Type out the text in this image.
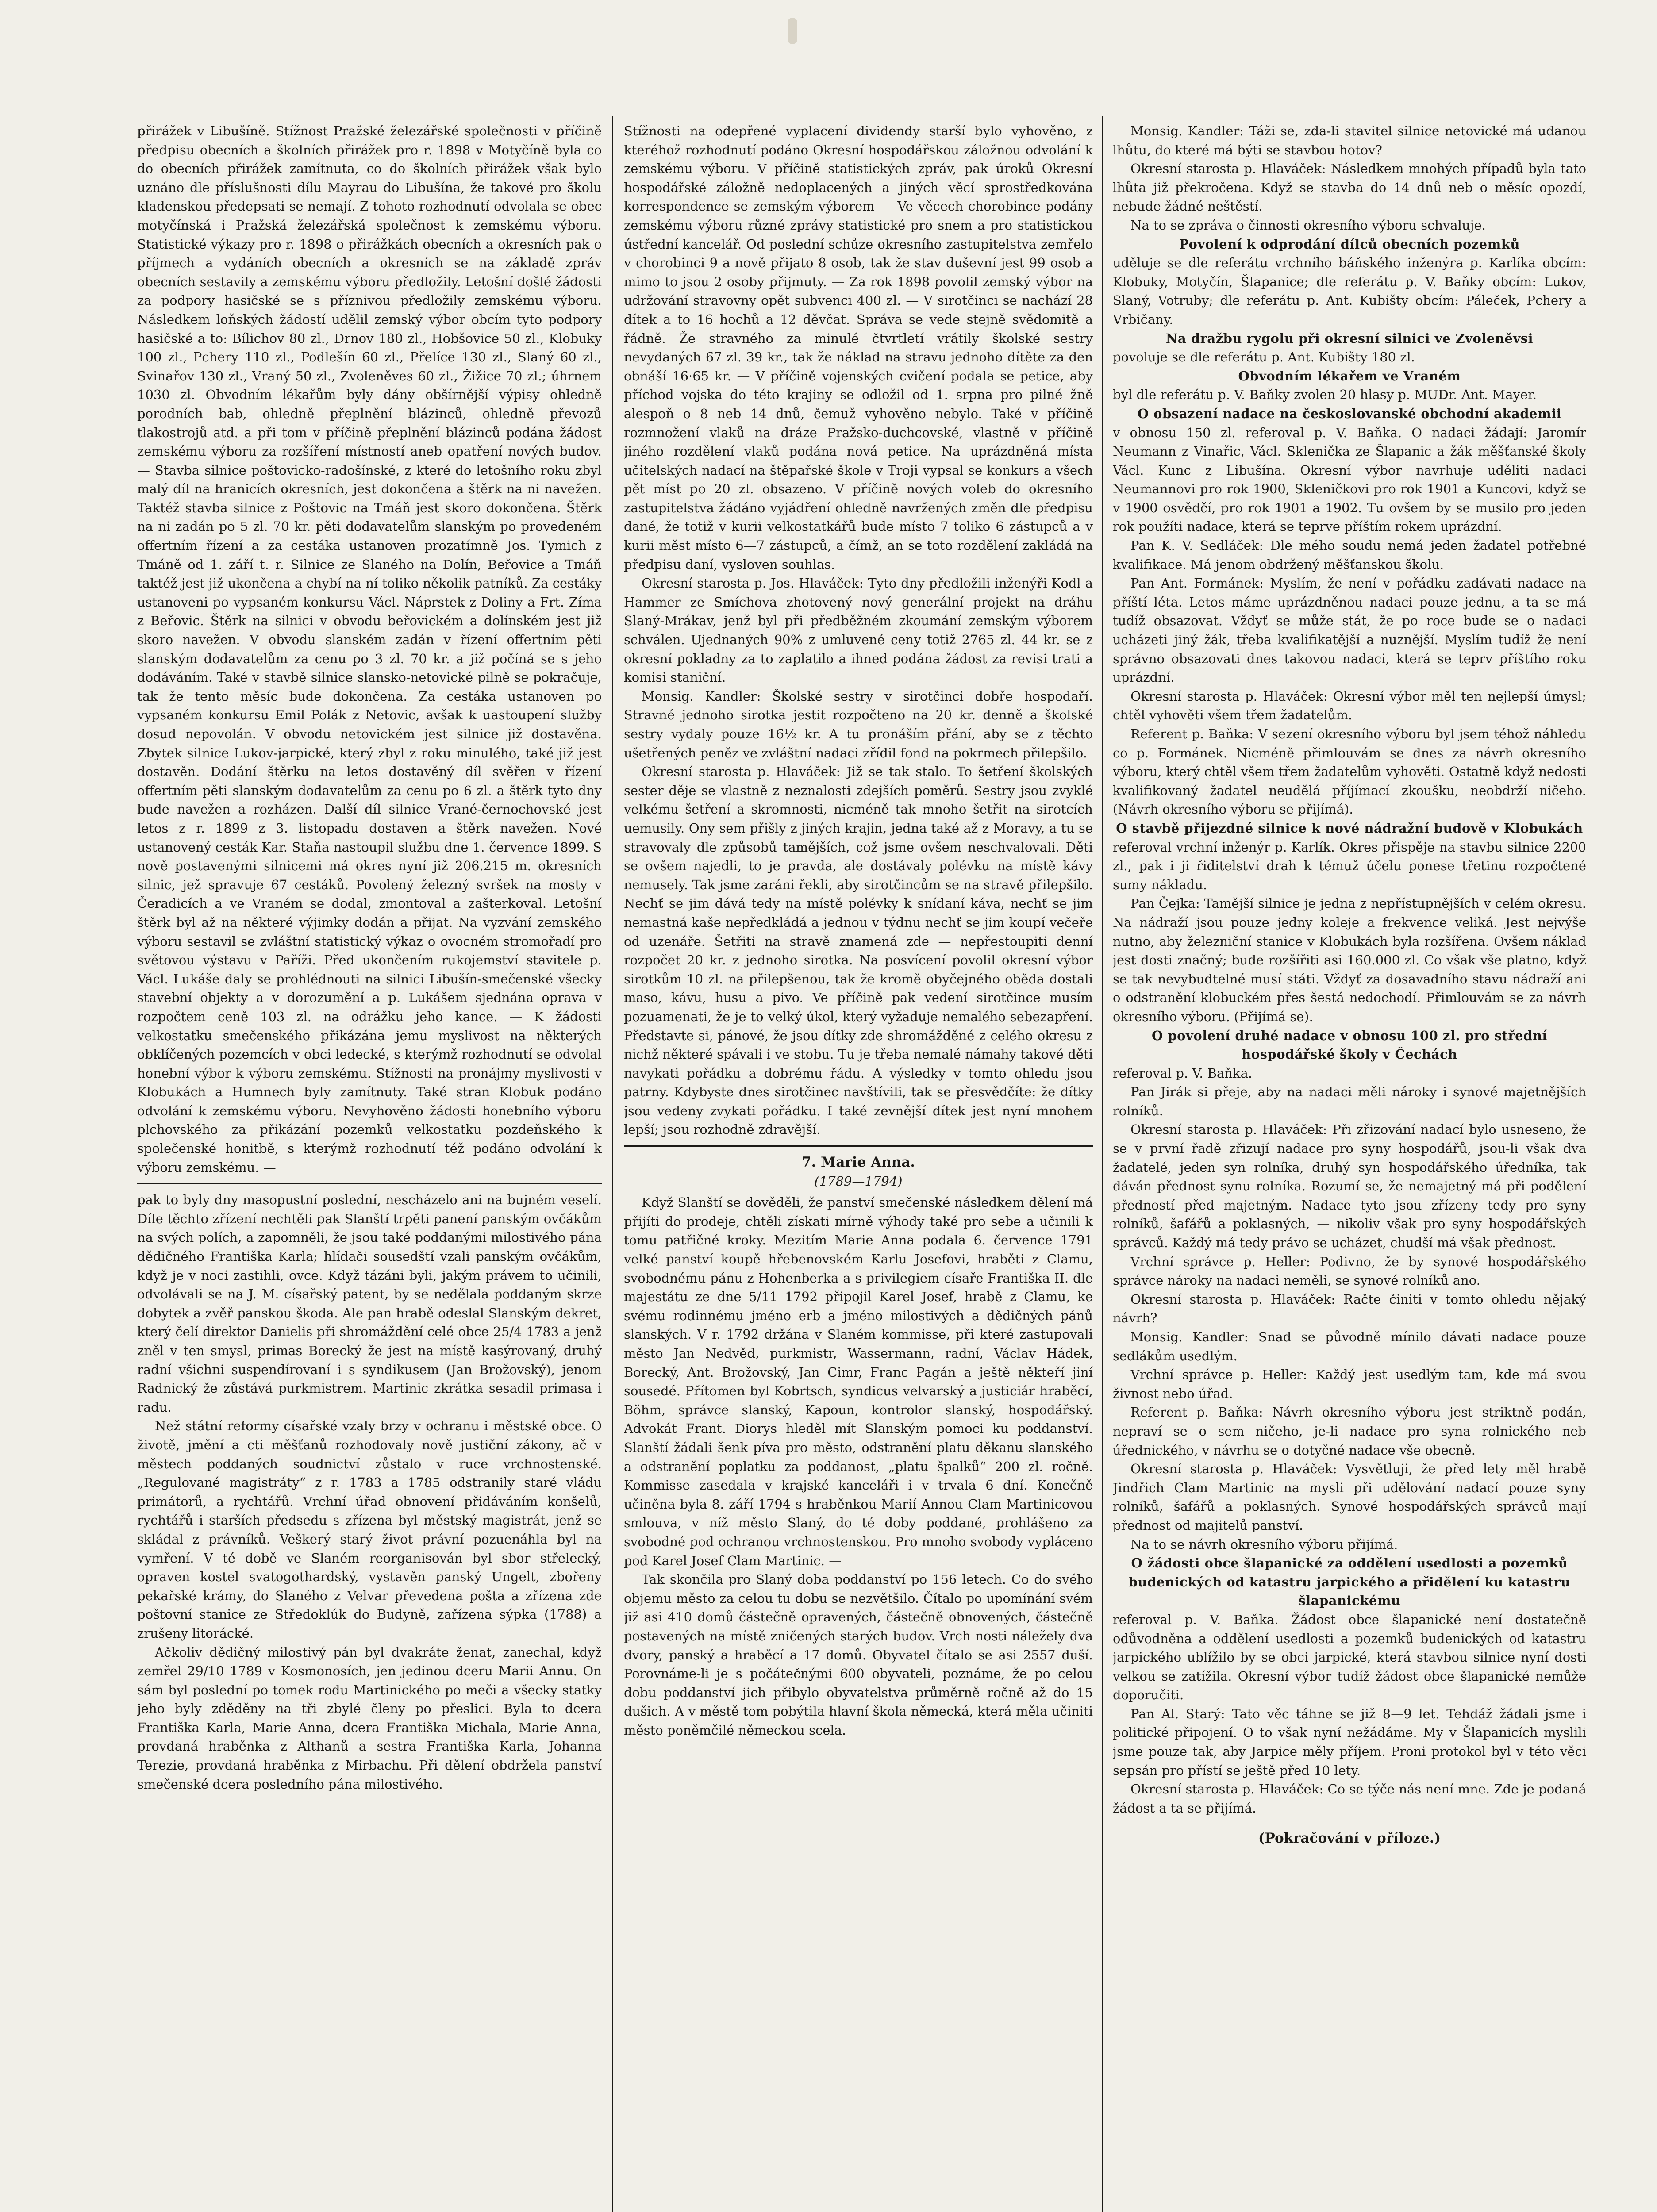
přirážek v Libušíně. Stížnost Pražské železářské společnosti v příčině předpisu obecních a školních přirážek pro r. 1898 v Motyčíně byla co do obecních přirážek zamítnuta, co do školních přirážek však bylo uznáno dle příslušnosti dílu Mayrau do Libušína, že takové pro školu kladenskou předepsati se nemají. Z tohoto rozhodnutí odvolala se obec motyčínská i Pražská železářská společnost k zemskému výboru. Statistické výkazy pro r. 1898 o přirážkách obecních a okresních pak o příjmech a vydáních obecních a okresních se na základě zpráv obecních sestavily a zemskému výboru předložily. Letošní došlé žádosti za podpory hasičské se s příznivou předložily zemskému výboru. Následkem loňských žádostí udělil zemský výbor obcím tyto podpory hasičské a to: Bílichov 80 zl., Drnov 180 zl., Hobšovice 50 zl., Klobuky 100 zl., Pchery 110 zl., Podlešín 60 zl., Přelíce 130 zl., Slaný 60 zl., Svinařov 130 zl., Vraný 50 zl., Zvoleněves 60 zl., Žižice 70 zl.; úhrnem 1030 zl. Obvodním lékařům byly dány obšírnější výpisy ohledně porodních bab, ohledně přeplnění blázinců, ohledně převozů tlakostrojů atd. a při tom v příčině přeplnění blázinců podána žádost zemskému výboru za rozšíření místností aneb opatření nových budov. — Stavba silnice poštovicko-radošínské, z které do letošního roku zbyl malý díl na hranicích okresních, jest dokončena a štěrk na ni navežen. Taktéž stavba silnice z Poštovic na Tmáň jest skoro dokončena. Štěrk na ni zadán po 5 zl. 70 kr. pěti dodavatelům slanským po provedeném offertním řízení a za cestáka ustanoven prozatímně Jos. Tymich z Tmáně od 1. září t. r. Silnice ze Slaného na Dolín, Beřovice a Tmáň taktéž jest již ukončena a chybí na ní toliko několik patníků. Za cestáky ustanoveni po vypsaném konkursu Václ. Náprstek z Doliny a Frt. Zíma z Beřovic. Štěrk na silnici v obvodu beřovickém a dolínském jest již skoro navežen. V obvodu slanském zadán v řízení offertním pěti slanským dodavatelům za cenu po 3 zl. 70 kr. a již počíná se s jeho dodáváním. Také v stavbě silnice slansko-netovické pilně se pokračuje, tak že tento měsíc bude dokončena. Za cestáka ustanoven po vypsaném konkursu Emil Polák z Netovic, avšak k uastoupení služby dosud nepovolán. V obvodu netovickém jest silnice již dostavěna. Zbytek silnice Lukov-jarpické, který zbyl z roku minulého, také již jest dostavěn. Dodání štěrku na letos dostavěný díl svěřen v řízení offertním pěti slanským dodavatelům za cenu po 6 zl. a štěrk tyto dny bude navežen a rozházen. Další díl silnice Vrané-černochovské jest letos z r. 1899 z 3. listopadu dostaven a štěrk navežen. Nové ustanovený cesták Kar. Staňa nastoupil službu dne 1. července 1899. S nově postavenými silnicemi má okres nyní již 206.215 m. okresních silnic, jež spravuje 67 cestáků. Povolený železný svršek na mosty v Čeradicích a ve Vraném se dodal, zmontoval a zašterkoval. Letošní štěrk byl až na některé výjimky dodán a přijat. Na vyzvání zemského výboru sestavil se zvláštní statistický výkaz o ovocném stromořadí pro světovou výstavu v Paříži. Před ukončením rukojemství stavitele p. Václ. Lukáše daly se prohlédnouti na silnici Libušín-smečenské všecky stavební objekty a v dorozumění a p. Lukášem sjednána oprava v rozpočtem ceně 103 zl. na odrážku jeho kance. — K žádosti velkostatku smečenského přikázána jemu myslivost na některých obklíčených pozemcích v obci ledecké, s kterýmž rozhodnutí se odvolal honební výbor k výboru zemskému. Stížnosti na pronájmy myslivosti v Klobukách a Humnech byly zamítnuty. Také stran Klobuk podáno odvolání k zemskému výboru. Nevyhověno žádosti honebního výboru plchovského za přikázání pozemků velkostatku pozdeňského k společenské honitbě, s kterýmž rozhodnutí též podáno odvolání k výboru zemskému. —

pak to byly dny masopustní poslední, nescházelo ani na bujném veselí. Díle těchto zřízení nechtěli pak Slanští trpěti panení panským ovčákům na svých polích, a zapomněli, že jsou také poddanými milostivého pána dědičného Františka Karla; hlídači sousedští vzali panským ovčákům, když je v noci zastihli, ovce. Když tázáni byli, jakým právem to učinili, odvolávali se na J. M. císařský patent, by se nedělala poddaným skrze dobytek a zvěř panskou škoda. Ale pan hrabě odeslal Slanským dekret, který čelí direktor Danielis při shromáždění celé obce 25/4 1783 a jenž zněl v ten smysl, primas Borecký že jest na místě kasýrovaný, druhý radní všichni suspendírovaní i s syndikusem (Jan Brožovský), jenom Radnický že zůstává purkmistrem. Martinic zkrátka sesadil primasa i radu.

Než státní reformy císařské vzaly brzy v ochranu i městské obce. O životě, jmění a cti měšťanů rozhodovaly nově justiční zákony, ač v městech poddaných soudnictví zůstalo v ruce vrchnostenské. „Regulované magistráty“ z r. 1783 a 1785 odstranily staré vládu primátorů, a rychtářů. Vrchní úřad obnovení přidáváním konšelů, rychtářů i starších předsedu s zřízena byl městský magistrát, jenž se skládal z právníků. Veškerý starý život právní pozuenáhla byl na vymření. V té době ve Slaném reorganisován byl sbor střelecký, opraven kostel svatogothardský, vystavěn panský Ungelt, zbořeny pekařské krámy, do Slaného z Velvar převedena pošta a zřízena zde poštovní stanice ze Středoklúk do Budyně, zařízena sýpka (1788) a zrušeny litorácké.

Ačkoliv dědičný milostivý pán byl dvakráte ženat, zanechal, když zemřel 29/10 1789 v Kosmonosích, jen jedinou dceru Marii Annu. On sám byl poslední po tomek rodu Martinického po meči a všecky statky jeho byly zděděny na tři zbylé členy po přeslici. Byla to dcera Františka Karla, Marie Anna, dcera Františka Michala, Marie Anna, provdaná hraběnka z Althanů a sestra Františka Karla, Johanna Terezie, provdaná hraběnka z Mirbachu. Při dělení obdržela panství smečenské dcera posledního pána milostivého.

Stížnosti na odepřené vyplacení dividendy starší bylo vyhověno, z kteréhož rozhodnutí podáno Okresní hospodářskou záložnou odvolání k zemskému výboru. V příčině statistických zpráv, pak úroků Okresní hospodářské záložně nedoplacených a jiných věcí sprostředkována korrespondence se zemským výborem — Ve věcech chorobince podány zemskému výboru různé zprávy statistické pro snem a pro statistickou ústřední kancelář. Od poslední schůze okresního zastupitelstva zemřelo v chorobinci 9 a nově přijato 8 osob, tak že stav duševní jest 99 osob a mimo to jsou 2 osoby přijmuty. — Za rok 1898 povolil zemský výbor na udržování stravovny opět subvenci 400 zl. — V sirotčinci se nachází 28 dítek a to 16 hochů a 12 děvčat. Správa se vede stejně svědomitě a řádně. Že stravného za minulé čtvrtletí vrátily školské sestry nevydaných 67 zl. 39 kr., tak že náklad na stravu jednoho dítěte za den obnáší 16·65 kr. — V příčině vojenských cvičení podala se petice, aby příchod vojska do této krajiny se odložil od 1. srpna pro pilné žně alespoň o 8 neb 14 dnů, čemuž vyhověno nebylo. Také v příčině rozmnožení vlaků na dráze Pražsko-duchcovské, vlastně v příčině jiného rozdělení vlaků podána nová petice. Na uprázdněná místa učitelských nadací na štěpařské škole v Troji vypsal se konkurs a všech pět míst po 20 zl. obsazeno. V příčině nových voleb do okresního zastupitelstva žádáno vyjádření ohledně navržených změn dle předpisu dané, že totiž v kurii velkostatkářů bude místo 7 toliko 6 zástupců a v kurii měst místo 6—7 zástupců, a čímž, an se toto rozdělení zakládá na předpisu daní, vysloven souhlas.

Okresní starosta p. Jos. Hlaváček: Tyto dny předložili inženýři Kodl a Hammer ze Smíchova zhotovený nový generální projekt na dráhu Slaný-Mrákav, jenž byl při předběžném zkoumání zemským výborem schválen. Ujednaných 90% z umluvené ceny totiž 2765 zl. 44 kr. se z okresní pokladny za to zaplatilo a ihned podána žádost za revisi trati a komisi staniční.

Monsig. Kandler: Školské sestry v sirotčinci dobře hospodaří. Stravné jednoho sirotka jestit rozpočteno na 20 kr. denně a školské sestry vydaly pouze 16½ kr. A tu pronáším přání, aby se z těchto ušetřených peněz ve zvláštní nadaci zřídil fond na pokrmech přilepšilo.

Okresní starosta p. Hlaváček: Již se tak stalo. To šetření školských sester děje se vlastně z neznalosti zdejších poměrů. Sestry jsou zvyklé velkému šetření a skromnosti, nicméně tak mnoho šetřit na sirotcích uemusily. Ony sem přišly z jiných krajin, jedna také až z Moravy, a tu se stravovaly dle způsobů tamějších, což jsme ovšem neschvalovali. Děti se ovšem najedli, to je pravda, ale dostávaly polévku na místě kávy nemusely. Tak jsme zaráni řekli, aby sirotčincům se na stravě přilepšilo. Nechť se jim dává tedy na místě polévky k snídaní káva, nechť se jim nemastná kaše nepředkládá a jednou v týdnu nechť se jim koupí večeře od uzenáře. Šetřiti na stravě znamená zde — nepřestoupiti denní rozpočet 20 kr. z jednoho sirotka. Na posvícení povolil okresní výbor sirotkům 10 zl. na přilepšenou, tak že kromě obyčejného oběda dostali maso, kávu, husu a pivo. Ve příčině pak vedení sirotčince musím pozuamenati, že je to velký úkol, který vyžaduje nemalého sebezapření. Představte si, pánové, že jsou dítky zde shromážděné z celého okresu z nichž některé spávali i ve stobu. Tu je třeba nemalé námahy takové děti navykati pořádku a dobrému řádu. A výsledky v tomto ohledu jsou patrny. Kdybyste dnes sirotčinec navštívili, tak se přesvědčíte: že dítky jsou vedeny zvykati pořádku. I také zevnější dítek jest nyní mnohem lepší; jsou rozhodně zdravější.

7. Marie Anna.
(1789—1794)

Když Slanští se dověděli, že panství smečenské následkem dělení má přijíti do prodeje, chtěli získati mírně výhody také pro sebe a učinili k tomu patřičné kroky. Mezitím Marie Anna podala 6. července 1791 velké panství koupě hřebenovském Karlu Josefovi, hraběti z Clamu, svobodnému pánu z Hohenberka a s privilegiem císaře Františka II. dle majestátu ze dne 5/11 1792 připojil Karel Josef, hrabě z Clamu, ke svému rodinnému jméno erb a jméno milostivých a dědičných pánů slanských. V r. 1792 držána v Slaném kommisse, při které zastupovali město Jan Nedvěd, purkmistr, Wassermann, radní, Václav Hádek, Borecký, Ant. Brožovský, Jan Cimr, Franc Pagán a ještě někteří jiní sousedé. Přítomen byl Kobrtsch, syndicus velvarský a justiciár hraběcí, Böhm, správce slanský, Kapoun, kontrolor slanský, hospodářský. Advokát Frant. Diorys hleděl mít Slanským pomoci ku poddanství. Slanští žádali šenk píva pro město, odstranění platu děkanu slanského a odstranění poplatku za poddanost, „platu špalků“ 200 zl. ročně. Kommisse zasedala v krajské kanceláři i v trvala 6 dní. Konečně učiněna byla 8. září 1794 s hraběnkou Marií Annou Clam Martinicovou smlouva, v níž město Slaný, do té doby poddané, prohlášeno za svobodné pod ochranou vrchnostenskou. Pro mnoho svobody vypláceno pod Karel Josef Clam Martinic. —

Tak skončila pro Slaný doba poddanství po 156 letech. Co do svého objemu město za celou tu dobu se nezvětšilo. Čítalo po upomínání svém již asi 410 domů částečně opravených, částečně obnovených, částečně postavených na místě zničených starých budov. Vrch nosti náležely dva dvory, panský a hraběcí a 17 domů. Obyvatel čítalo se asi 2557 duší. Porovnáme-li je s počátečnými 600 obyvateli, poznáme, že po celou dobu poddanství jich přibylo obyvatelstva průměrně ročně až do 15 dušich. A v městě tom pobýtila hlavní škola německá, která měla učiniti město poněmčilé německou scela.

Monsig. Kandler: Táži se, zda-li stavitel silnice netovické má udanou lhůtu, do které má býti se stavbou hotov?

Okresní starosta p. Hlaváček: Následkem mnohých případů byla tato lhůta již překročena. Když se stavba do 14 dnů neb o měsíc opozdí, nebude žádné neštěstí.

Na to se zpráva o činnosti okresního výboru schvaluje.

Povolení k odprodání dílců obecních pozemků

uděluje se dle referátu vrchního báňského inženýra p. Karlíka obcím: Klobuky, Motyčín, Šlapanice; dle referátu p. V. Baňky obcím: Lukov, Slaný, Votruby; dle referátu p. Ant. Kubišty obcím: Páleček, Pchery a Vrbičany.

Na dražbu rygolu při okresní silnici ve Zvoleněvsi

povoluje se dle referátu p. Ant. Kubišty 180 zl.

Obvodním lékařem ve Vraném

byl dle referátu p. V. Baňky zvolen 20 hlasy p. MUDr. Ant. Mayer.

O obsazení nadace na českoslovanské obchodní akademii

v obnosu 150 zl. referoval p. V. Baňka. O nadaci žádají: Jaromír Neumann z Vinařic, Václ. Sklenička ze Šlapanic a žák měšťanské školy Václ. Kunc z Libušína. Okresní výbor navrhuje uděliti nadaci Neumannovi pro rok 1900, Skleničkovi pro rok 1901 a Kuncovi, když se v 1900 osvědčí, pro rok 1901 a 1902. Tu ovšem by se musilo pro jeden rok použíti nadace, která se teprve příštím rokem uprázdní.

Pan K. V. Sedláček: Dle mého soudu nemá jeden žadatel potřebné kvalifikace. Má jenom obdržený měšťanskou školu.

Pan Ant. Formánek: Myslím, že není v pořádku zadávati nadace na příští léta. Letos máme uprázdněnou nadaci pouze jednu, a ta se má tudíž obsazovat. Vždyť se může stát, že po roce bude se o nadaci ucházeti jiný žák, třeba kvalifikatější a nuznější. Myslím tudíž že není správno obsazovati dnes takovou nadaci, která se teprv příštího roku uprázdní.

Okresní starosta p. Hlaváček: Okresní výbor měl ten nejlepší úmysl; chtěl vyhověti všem třem žadatelům.

Referent p. Baňka: V sezení okresního výboru byl jsem téhož náhledu co p. Formánek. Nicméně přimlouvám se dnes za návrh okresního výboru, který chtěl všem třem žadatelům vyhověti. Ostatně když nedosti kvalifikovaný žadatel neudělá příjímací zkoušku, neobdrží ničeho. (Návrh okresního výboru se přijímá).

O stavbě přijezdné silnice k nové nádražní budově v Klobukách

referoval vrchní inženýr p. Karlík. Okres přispěje na stavbu silnice 2200 zl., pak i ji řiditelství drah k témuž účelu ponese třetinu rozpočtené sumy nákladu.

Pan Čejka: Tamější silnice je jedna z nepřístupnějších v celém okresu. Na nádraží jsou pouze jedny koleje a frekvence veliká. Jest nejvýše nutno, aby železniční stanice v Klobukách byla rozšířena. Ovšem náklad jest dosti značný; bude rozšířiti asi 160.000 zl. Co však vše platno, když se tak nevybudtelné musí státi. Vždyť za dosavadního stavu nádraží ani o odstranění klobuckém přes šestá nedochodí. Přimlouvám se za návrh okresního výboru. (Přijímá se).

O povolení druhé nadace v obnosu 100 zl. pro střední hospodářské školy v Čechách

referoval p. V. Baňka.

Pan Jirák si přeje, aby na nadaci měli nároky i synové majetnějších rolníků.

Okresní starosta p. Hlaváček: Při zřizování nadací bylo usneseno, že se v první řadě zřizují nadace pro syny hospodářů, jsou-li však dva žadatelé, jeden syn rolníka, druhý syn hospodářského úředníka, tak dáván přednost synu rolníka. Rozumí se, že nemajetný má při podělení předností před majetným. Nadace tyto jsou zřízeny tedy pro syny rolníků, šafářů a poklasných, — nikoliv však pro syny hospodářských správců. Každý má tedy právo se ucházet, chudší má však přednost.

Vrchní správce p. Heller: Podivno, že by synové hospodářského správce nároky na nadaci neměli, se synové rolníků ano.

Okresní starosta p. Hlaváček: Račte činiti v tomto ohledu nějaký návrh?

Monsig. Kandler: Snad se původně mínilo dávati nadace pouze sedlákům usedlým.

Vrchní správce p. Heller: Každý jest usedlým tam, kde má svou živnost nebo úřad.

Referent p. Baňka: Návrh okresního výboru jest striktně podán, nepraví se o sem ničeho, je-li nadace pro syna rolnického neb úřednického, v návrhu se o dotyčné nadace vše obecně.

Okresní starosta p. Hlaváček: Vysvětluji, že před lety měl hrabě Jindřich Clam Martinic na mysli při udělování nadací pouze syny rolníků, šafářů a poklasných. Synové hospodářských správců mají přednost od majitelů panství.

Na to se návrh okresního výboru přijímá.

O žádosti obce šlapanické za oddělení usedlosti a pozemků budenických od katastru jarpického a přidělení ku katastru šlapanickému

referoval p. V. Baňka. Žádost obce šlapanické není dostatečně odůvodněna a oddělení usedlosti a pozemků budenických od katastru jarpického ublížilo by se obci jarpické, která stavbou silnice nyní dosti velkou se zatížila. Okresní výbor tudíž žádost obce šlapanické nemůže doporučiti.

Pan Al. Starý: Tato věc táhne se již 8—9 let. Tehdáž žádali jsme i politické připojení. O to však nyní nežádáme. My v Šlapanicích myslili jsme pouze tak, aby Jarpice měly příjem. Proni protokol byl v této věci sepsán pro přístí se ještě před 10 lety.

Okresní starosta p. Hlaváček: Co se týče nás není mne. Zde je podaná žádost a ta se přijímá.

(Pokračování v příloze.)
